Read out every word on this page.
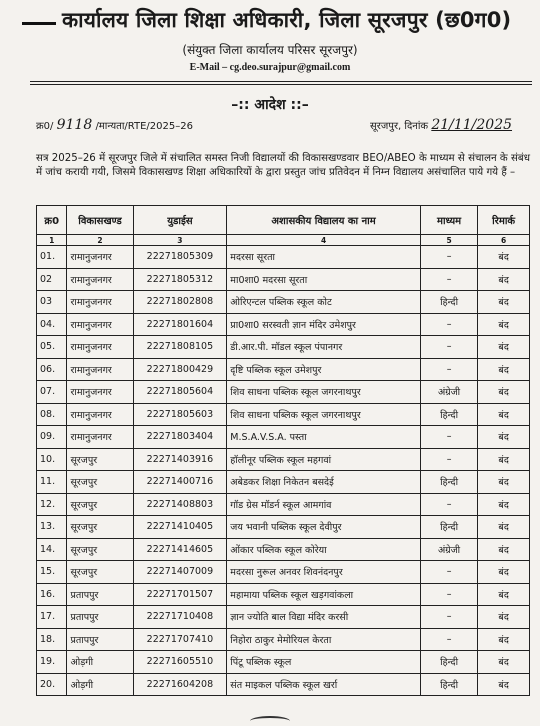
कार्यालय जिला शिक्षा अधिकारी, जिला सूरजपुर (छ0ग0)
(संयुक्त जिला कार्यालय परिसर सूरजपुर)
E-Mail – cg.deo.surajpur@gmail.com
–:: आदेश ::–
क्र0/ 9118 /मान्यता/RTE/2025–26	सूरजपुर, दिनांक 21/11/2025
सत्र 2025–26 में सूरजपुर जिले में संचालित समस्त निजी विद्यालयों की विकासखण्डवार BEO/ABEO के माध्यम से संचालन के संबंध में जांच करायी गयी, जिसमे विकासखण्ड शिक्षा अधिकारियों के द्वारा प्रस्तुत जांच प्रतिवेदन में निम्न विद्यालय असंचालित पाये गये हैं –
क्र0	विकासखण्ड	युडाईस	अशासकीय विद्यालय का नाम	माध्यम	रिमार्क
1	2	3	4	5	6
01.	रामानुजनगर	22271805309	मदरसा सूरता	–	बंद
02	रामानुजनगर	22271805312	मा0शा0 मदरसा सूरता	–	बंद
03	रामानुजनगर	22271802808	ओरिएन्टल पब्लिक स्कूल कोट	हिन्दी	बंद
04.	रामानुजनगर	22271801604	प्रा0शा0 सरस्वती ज्ञान मंदिर उमेशपुर	–	बंद
05.	रामानुजनगर	22271808105	डी.आर.पी. मॉडल स्कूल पंपानगर	–	बंद
06.	रामानुजनगर	22271800429	दृष्टि पब्लिक स्कूल उमेशपुर	–	बंद
07.	रामानुजनगर	22271805604	शिव साधना पब्लिक स्कूल जगरनाथपुर	अंग्रेजी	बंद
08.	रामानुजनगर	22271805603	शिव साधना पब्लिक स्कूल जगरनाथपुर	हिन्दी	बंद
09.	रामानुजनगर	22271803404	M.S.A.V.S.A. पस्ता	–	बंद
10.	सूरजपुर	22271403916	हॉलीनूर पब्लिक स्कूल महगवां	–	बंद
11.	सूरजपुर	22271400716	अबेडकर शिक्षा निकेतन बसदेई	हिन्दी	बंद
12.	सूरजपुर	22271408803	गॉड ग्रेस मॉडर्न स्कूल आमगांव	–	बंद
13.	सूरजपुर	22271410405	जय भवानी पब्लिक स्कूल देवीपुर	हिन्दी	बंद
14.	सूरजपुर	22271414605	ओंकार पब्लिक स्कूल कोरेया	अंग्रेजी	बंद
15.	सूरजपुर	22271407009	मदरसा नुरूल अनवर शिवनंदनपुर	–	बंद
16.	प्रतापपुर	22271701507	महामाया पब्लिक स्कूल खड़गवांकला	–	बंद
17.	प्रतापपुर	22271710408	ज्ञान ज्योति बाल विद्या मंदिर करसी	–	बंद
18.	प्रतापपुर	22271707410	निहोरा ठाकुर मेमोरियल केरता	–	बंद
19.	ओड़गी	22271605510	पिंटू पब्लिक स्कूल	हिन्दी	बंद
20.	ओड़गी	22271604208	संत माइकल पब्लिक स्कूल खर्रा	हिन्दी	बंद
